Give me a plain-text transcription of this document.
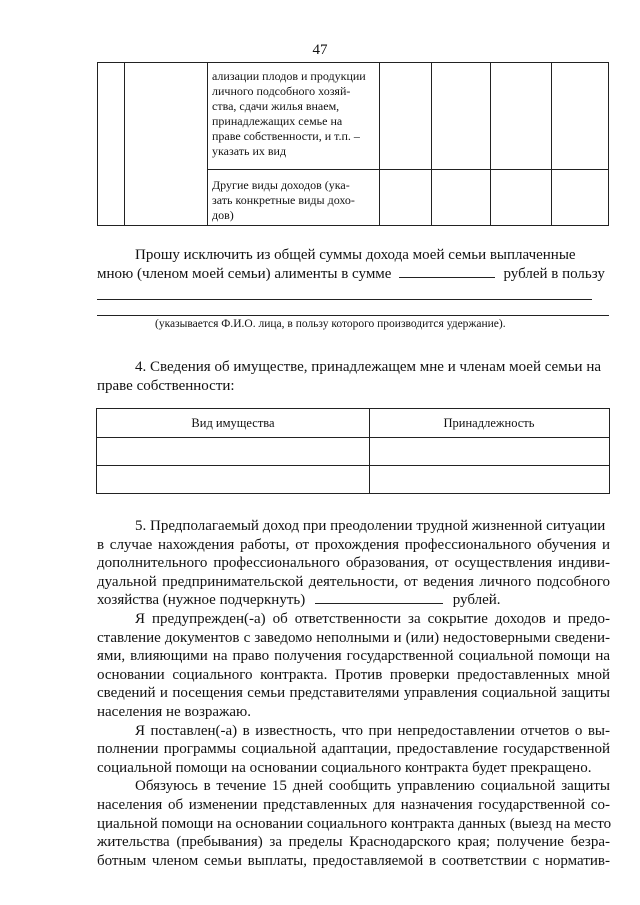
47
ализации плодов и продукции
личного подсобного хозяй-
ства, сдачи жилья внаем,
принадлежащих семье на
праве собственности, и т.п. –
указать их вид
Другие виды доходов (ука-
зать конкретные виды дохо-
дов)
Прошу исключить из общей суммы дохода моей семьи выплаченные
мною (членом моей семьи) алименты в сумме	рублей в пользу
(указывается Ф.И.О. лица, в пользу которого производится удержание).
4. Сведения об имуществе, принадлежащем мне и членам моей семьи на
праве собственности:
Вид имущества	Принадлежность
5. Предполагаемый доход при преодолении трудной жизненной ситуации
в случае нахождения работы, от прохождения профессионального обучения и
дополнительного профессионального образования, от осуществления индиви-
дуальной предпринимательской деятельности, от ведения личного подсобного
хозяйства (нужное подчеркнуть)	рублей.
Я предупрежден(-а) об ответственности за сокрытие доходов и предо-
ставление документов с заведомо неполными и (или) недостоверными сведени-
ями, влияющими на право получения государственной социальной помощи на
основании социального контракта. Против проверки предоставленных мной
сведений и посещения семьи представителями управления социальной защиты
населения не возражаю.
Я поставлен(-а) в известность, что при непредоставлении отчетов о вы-
полнении программы социальной адаптации, предоставление государственной
социальной помощи на основании социального контракта будет прекращено.
Обязуюсь в течение 15 дней сообщить управлению социальной защиты
населения об изменении представленных для назначения государственной со-
циальной помощи на основании социального контракта данных (выезд на место
жительства (пребывания) за пределы Краснодарского края; получение безра-
ботным членом семьи выплаты, предоставляемой в соответствии с норматив-
